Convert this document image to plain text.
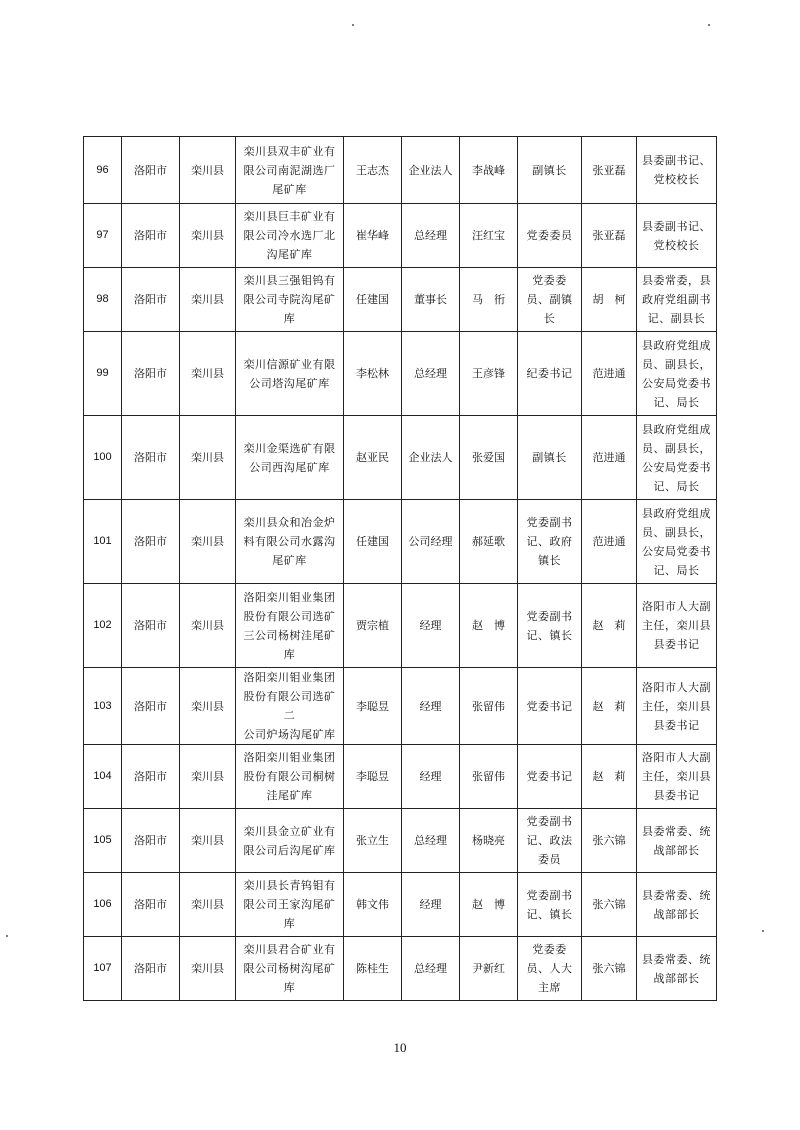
96	洛阳市	栾川县	栾川县双丰矿业有
限公司南泥湖选厂
尾矿库	王志杰	企业法人	李战峰	副镇长	张亚磊	县委副书记、
党校校长
97	洛阳市	栾川县	栾川县巨丰矿业有
限公司冷水选厂北
沟尾矿库	崔华峰	总经理	汪红宝	党委委员	张亚磊	县委副书记、
党校校长
98	洛阳市	栾川县	栾川县三强钼钨有
限公司寺院沟尾矿
库	任建国	董事长	马　衎	党委委
员、副镇
长	胡　柯	县委常委，县
政府党组副书
记、副县长
99	洛阳市	栾川县	栾川信源矿业有限
公司塔沟尾矿库	李松林	总经理	王彦锋	纪委书记	范进通	县政府党组成
员、副县长，
公安局党委书
记、局长
100	洛阳市	栾川县	栾川金渠选矿有限
公司西沟尾矿库	赵亚民	企业法人	张爱国	副镇长	范进通	县政府党组成
员、副县长，
公安局党委书
记、局长
101	洛阳市	栾川县	栾川县众和冶金炉
料有限公司水露沟
尾矿库	任建国	公司经理	郝延歌	党委副书
记、政府
镇长	范进通	县政府党组成
员、副县长，
公安局党委书
记、局长
102	洛阳市	栾川县	洛阳栾川钼业集团
股份有限公司选矿
三公司杨树洼尾矿
库	贾宗植	经理	赵　博	党委副书
记、镇长	赵　莉	洛阳市人大副
主任，栾川县
县委书记
103	洛阳市	栾川县	洛阳栾川钼业集团
股份有限公司选矿二
公司炉场沟尾矿库	李聪昱	经理	张留伟	党委书记	赵　莉	洛阳市人大副
主任，栾川县
县委书记
104	洛阳市	栾川县	洛阳栾川钼业集团
股份有限公司桐树
洼尾矿库	李聪昱	经理	张留伟	党委书记	赵　莉	洛阳市人大副
主任，栾川县
县委书记
105	洛阳市	栾川县	栾川县金立矿业有
限公司后沟尾矿库	张立生	总经理	杨晓亮	党委副书
记、政法
委员	张六锦	县委常委、统
战部部长
106	洛阳市	栾川县	栾川县长青钨钼有
限公司王家沟尾矿
库	韩文伟	经理	赵　博	党委副书
记、镇长	张六锦	县委常委、统
战部部长
107	洛阳市	栾川县	栾川县君合矿业有
限公司杨树沟尾矿
库	陈桂生	总经理	尹新红	党委委
员、人大
主席	张六锦	县委常委、统
战部部长
10
